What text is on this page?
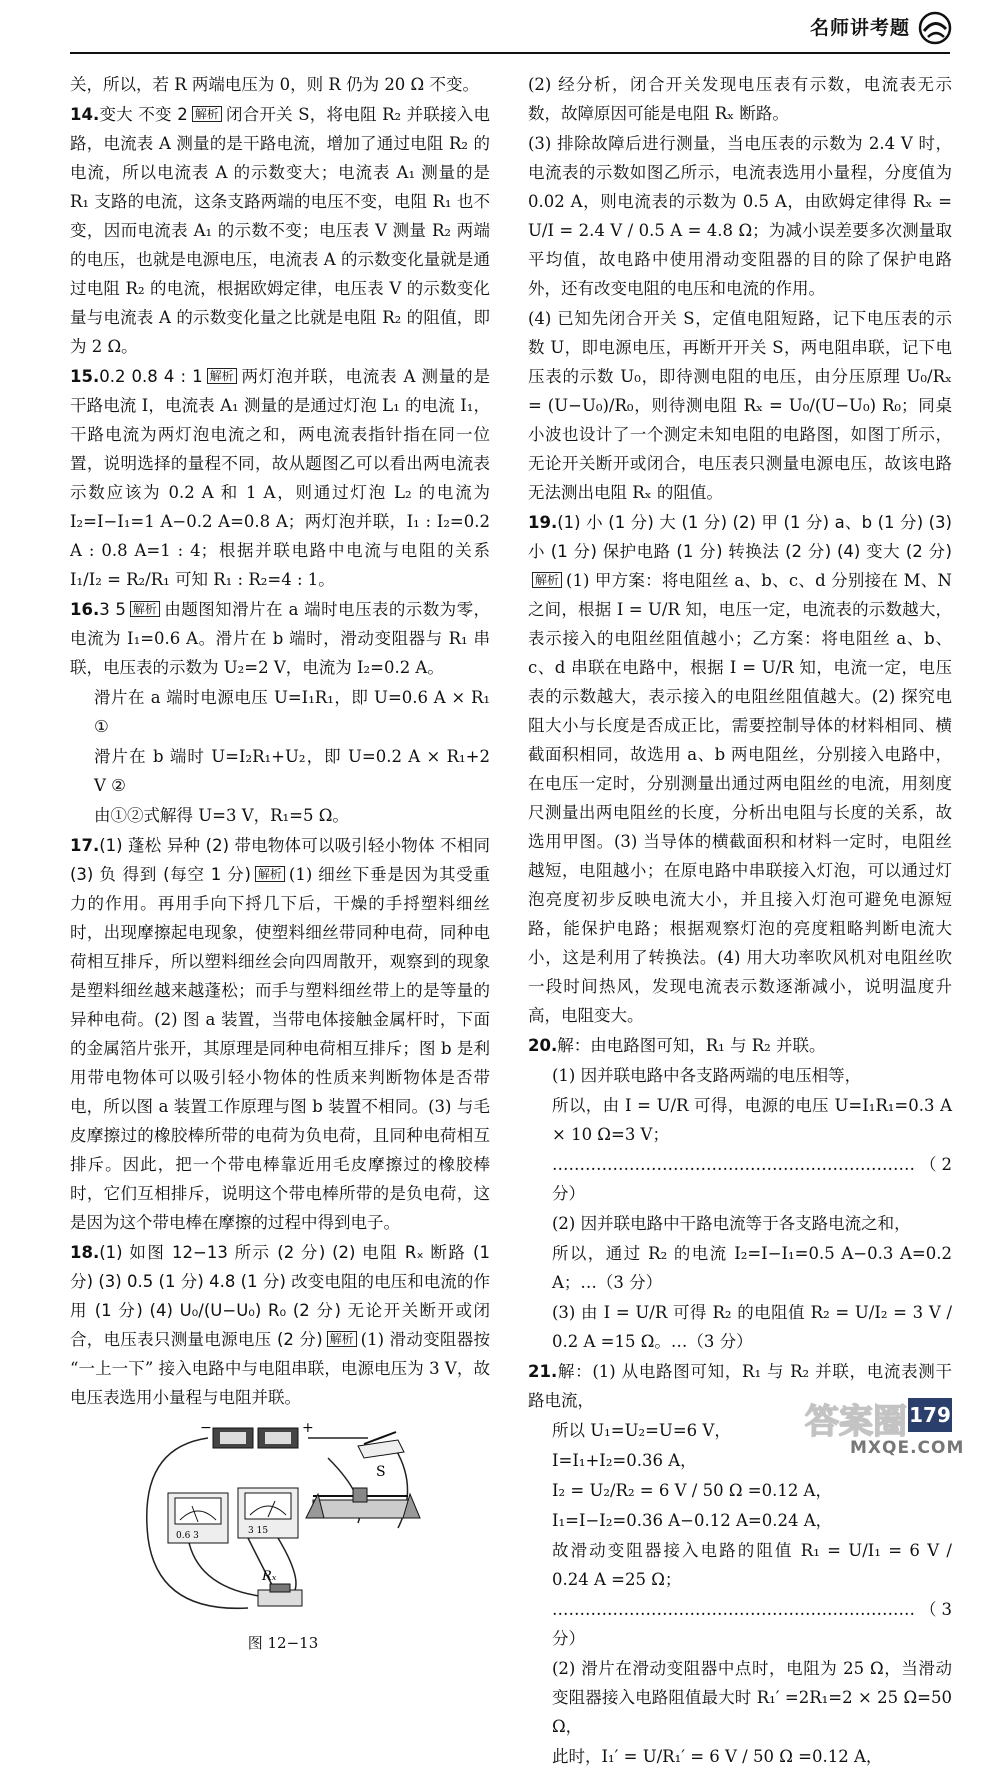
名师讲考题
关，所以，若 R 两端电压为 0，则 R 仍为 20 Ω 不变。
14.变大 不变 2 解析 闭合开关 S，将电阻 R₂ 并联接入电路，电流表 A 测量的是干路电流，增加了通过电阻 R₂ 的电流，所以电流表 A 的示数变大；电流表 A₁ 测量的是 R₁ 支路的电流，这条支路两端的电压不变，电阻 R₁ 也不变，因而电流表 A₁ 的示数不变；电压表 V 测量 R₂ 两端的电压，也就是电源电压，电流表 A 的示数变化量就是通过电阻 R₂ 的电流，根据欧姆定律，电压表 V 的示数变化量与电流表 A 的示数变化量之比就是电阻 R₂ 的阻值，即为 2 Ω。
15.0.2 0.8 4 : 1 解析 两灯泡并联，电流表 A 测量的是干路电流 I，电流表 A₁ 测量的是通过灯泡 L₁ 的电流 I₁，干路电流为两灯泡电流之和，两电流表指针指在同一位置，说明选择的量程不同，故从题图乙可以看出两电流表示数应该为 0.2 A 和 1 A，则通过灯泡 L₂ 的电流为 I₂=I−I₁=1 A−0.2 A=0.8 A；两灯泡并联，I₁ : I₂=0.2 A : 0.8 A=1 : 4；根据并联电路中电流与电阻的关系 I₁/I₂ = R₂/R₁ 可知 R₁ : R₂=4 : 1。
16.3 5 解析 由题图知滑片在 a 端时电压表的示数为零，电流为 I₁=0.6 A。滑片在 b 端时，滑动变阻器与 R₁ 串联，电压表的示数为 U₂=2 V，电流为 I₂=0.2 A。
滑片在 a 端时电源电压 U=I₁R₁，即 U=0.6 A × R₁ ①
滑片在 b 端时 U=I₂R₁+U₂，即 U=0.2 A × R₁+2 V ②
由①②式解得 U=3 V，R₁=5 Ω。
17.(1) 蓬松 异种 (2) 带电物体可以吸引轻小物体 不相同 (3) 负 得到 (每空 1 分) 解析 (1) 细丝下垂是因为其受重力的作用。再用手向下捋几下后，干燥的手捋塑料细丝时，出现摩擦起电现象，使塑料细丝带同种电荷，同种电荷相互排斥，所以塑料细丝会向四周散开，观察到的现象是塑料细丝越来越蓬松；而手与塑料细丝带上的是等量的异种电荷。(2) 图 a 装置，当带电体接触金属杆时，下面的金属箔片张开，其原理是同种电荷相互排斥；图 b 是利用带电物体可以吸引轻小物体的性质来判断物体是否带电，所以图 a 装置工作原理与图 b 装置不相同。(3) 与毛皮摩擦过的橡胶棒所带的电荷为负电荷，且同种电荷相互排斥。因此，把一个带电棒靠近用毛皮摩擦过的橡胶棒时，它们互相排斥，说明这个带电棒所带的是负电荷，这是因为这个带电棒在摩擦的过程中得到电子。
18.(1) 如图 12−13 所示 (2 分) (2) 电阻 Rₓ 断路 (1 分) (3) 0.5 (1 分) 4.8 (1 分) 改变电阻的电压和电流的作用 (1 分) (4) U₀/(U−U₀) R₀ (2 分) 无论开关断开或闭合，电压表只测量电源电压 (2 分) 解析 (1) 滑动变阻器按 “一上一下” 接入电路中与电阻串联，电源电压为 3 V，故电压表选用小量程与电阻并联。
−	+
S
0.6 3	3 15
Rₓ
图 12−13
(2) 经分析，闭合开关发现电压表有示数，电流表无示数，故障原因可能是电阻 Rₓ 断路。
(3) 排除故障后进行测量，当电压表的示数为 2.4 V 时，电流表的示数如图乙所示，电流表选用小量程，分度值为 0.02 A，则电流表的示数为 0.5 A，由欧姆定律得 Rₓ = U/I = 2.4 V / 0.5 A = 4.8 Ω；为减小误差要多次测量取平均值，故电路中使用滑动变阻器的目的除了保护电路外，还有改变电阻的电压和电流的作用。
(4) 已知先闭合开关 S，定值电阻短路，记下电压表的示数 U，即电源电压，再断开开关 S，两电阻串联，记下电压表的示数 U₀，即待测电阻的电压，由分压原理 U₀/Rₓ = (U−U₀)/R₀，则待测电阻 Rₓ = U₀/(U−U₀) R₀；同桌小波也设计了一个测定未知电阻的电路图，如图丁所示，无论开关断开或闭合，电压表只测量电源电压，故该电路无法测出电阻 Rₓ 的阻值。
19.(1) 小 (1 分) 大 (1 分) (2) 甲 (1 分) a、b (1 分) (3) 小 (1 分) 保护电路 (1 分) 转换法 (2 分) (4) 变大 (2 分)解析 (1) 甲方案：将电阻丝 a、b、c、d 分别接在 M、N 之间，根据 I = U/R 知，电压一定，电流表的示数越大，表示接入的电阻丝阻值越小；乙方案：将电阻丝 a、b、c、d 串联在电路中，根据 I = U/R 知，电流一定，电压表的示数越大，表示接入的电阻丝阻值越大。(2) 探究电阻大小与长度是否成正比，需要控制导体的材料相同、横截面积相同，故选用 a、b 两电阻丝，分别接入电路中，在电压一定时，分别测量出通过两电阻丝的电流，用刻度尺测量出两电阻丝的长度，分析出电阻与长度的关系，故选用甲图。(3) 当导体的横截面积和材料一定时，电阻丝越短，电阻越小；在原电路中串联接入灯泡，可以通过灯泡亮度初步反映电流大小，并且接入灯泡可避免电源短路，能保护电路；根据观察灯泡的亮度粗略判断电流大小，这是利用了转换法。(4) 用大功率吹风机对电阻丝吹一段时间热风，发现电流表示数逐渐减小，说明温度升高，电阻变大。
20.解：由电路图可知，R₁ 与 R₂ 并联。
(1) 因并联电路中各支路两端的电压相等，
所以，由 I = U/R 可得，电源的电压 U=I₁R₁=0.3 A × 10 Ω=3 V；
…………………………………………………………（2 分）
(2) 因并联电路中干路电流等于各支路电流之和，
所以，通过 R₂ 的电流 I₂=I−I₁=0.5 A−0.3 A=0.2 A；…（3 分）
(3) 由 I = U/R 可得 R₂ 的电阻值 R₂ = U/I₂ = 3 V / 0.2 A =15 Ω。…（3 分）
21.解：(1) 从电路图可知，R₁ 与 R₂ 并联，电流表测干路电流，
所以 U₁=U₂=U=6 V，
I=I₁+I₂=0.36 A，
I₂ = U₂/R₂ = 6 V / 50 Ω =0.12 A，
I₁=I−I₂=0.36 A−0.12 A=0.24 A，
故滑动变阻器接入电路的阻值 R₁ = U/I₁ = 6 V / 0.24 A =25 Ω；
…………………………………………………………（3 分）
(2) 滑片在滑动变阻器中点时，电阻为 25 Ω，当滑动变阻器接入电路阻值最大时 R₁′ =2R₁=2 × 25 Ω=50 Ω，
此时，I₁′ = U/R₁′ = 6 V / 50 Ω =0.12 A，
答案圈
MXQE.COM
179
